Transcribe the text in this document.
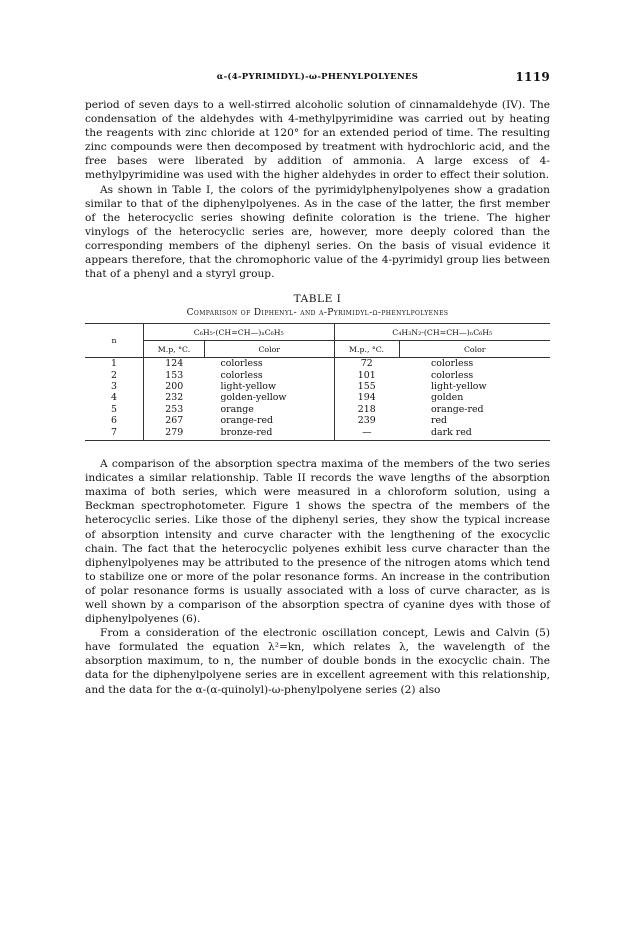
α-(4-PYRIMIDYL)-ω-PHENYLPOLYENES	1119

period of seven days to a well-stirred alcoholic solution of cinnamaldehyde (IV). The condensation of the aldehydes with 4-methylpyrimidine was carried out by heating the reagents with zinc chloride at 120° for an extended period of time. The resulting zinc compounds were then decomposed by treatment with hydrochloric acid, and the free bases were liberated by addition of ammonia. A large excess of 4-methylpyrimidine was used with the higher aldehydes in order to effect their solution.

As shown in Table I, the colors of the pyrimidylphenylpolyenes show a gradation similar to that of the diphenylpolyenes. As in the case of the latter, the first member of the heterocyclic series showing definite coloration is the triene. The higher vinylogs of the heterocyclic series are, however, more deeply colored than the corresponding members of the diphenyl series. On the basis of visual evidence it appears therefore, that the chromophoric value of the 4-pyrimidyl group lies between that of a phenyl and a styryl group.

TABLE I
Comparison of Diphenyl- and α-Pyrimidyl-ω-phenylpolyenes
n	C₆H₅-(CH=CH—)ₙC₆H₅		C₄H₃N₂-(CH=CH—)ₙC₆H₅	
	M.p, °C.	Color	M.p., °C.	Color
1	124	colorless	72	colorless
2	153	colorless	101	colorless
3	200	light-yellow	155	light-yellow
4	232	golden-yellow	194	golden
5	253	orange	218	orange-red
6	267	orange-red	239	red
7	279	bronze-red	—	dark red

A comparison of the absorption spectra maxima of the members of the two series indicates a similar relationship. Table II records the wave lengths of the absorption maxima of both series, which were measured in a chloroform solution, using a Beckman spectrophotometer. Figure 1 shows the spectra of the members of the heterocyclic series. Like those of the diphenyl series, they show the typical increase of absorption intensity and curve character with the lengthening of the exocyclic chain. The fact that the heterocyclic polyenes exhibit less curve character than the diphenylpolyenes may be attributed to the presence of the nitrogen atoms which tend to stabilize one or more of the polar resonance forms. An increase in the contribution of polar resonance forms is usually associated with a loss of curve character, as is well shown by a comparison of the absorption spectra of cyanine dyes with those of diphenylpolyenes (6).

From a consideration of the electronic oscillation concept, Lewis and Calvin (5) have formulated the equation λ²=kn, which relates λ, the wavelength of the absorption maximum, to n, the number of double bonds in the exocyclic chain. The data for the diphenylpolyene series are in excellent agreement with this relationship, and the data for the α-(α-quinolyl)-ω-phenylpolyene series (2) also
